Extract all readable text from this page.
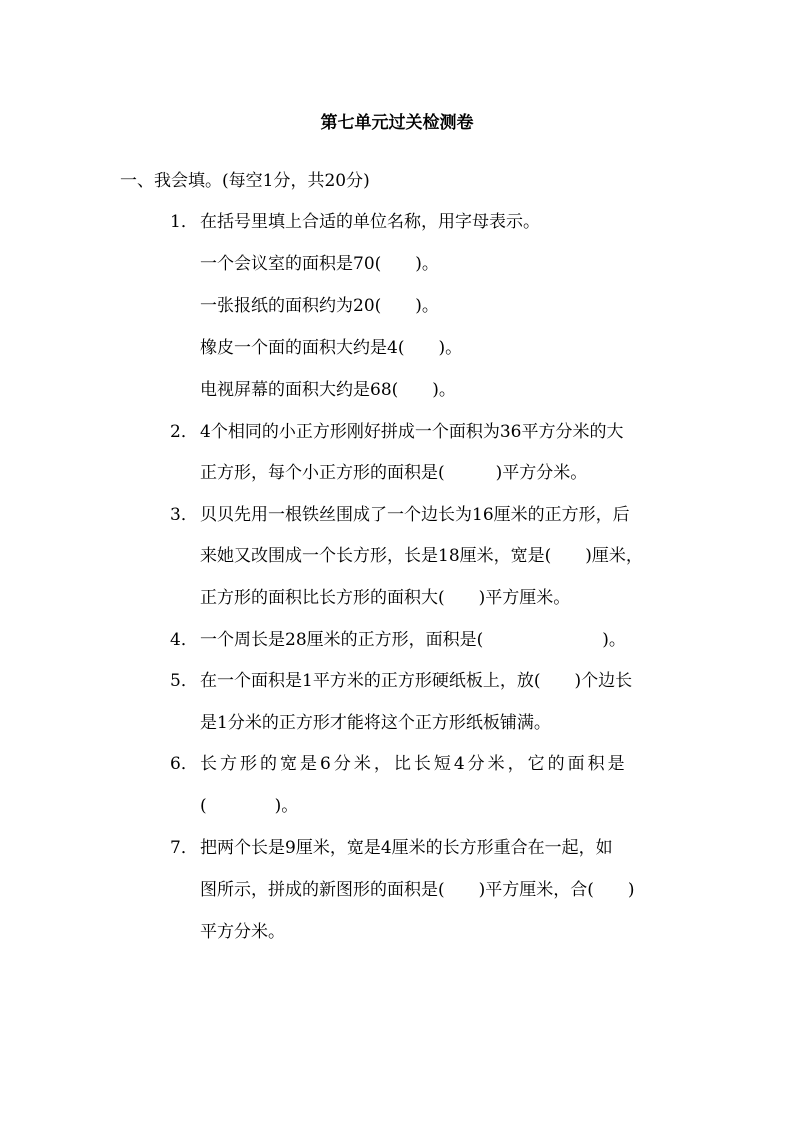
第七单元过关检测卷
一、我会填。(每空1分，共20分)
1． 在括号里填上合适的单位名称，用字母表示。
一个会议室的面积是70(　　)。
一张报纸的面积约为20(　　)。
橡皮一个面的面积大约是4(　　)。
电视屏幕的面积大约是68(　　)。
2． 4个相同的小正方形刚好拼成一个面积为36平方分米的大
正方形，每个小正方形的面积是(　　　)平方分米。
3． 贝贝先用一根铁丝围成了一个边长为16厘米的正方形，后
来她又改围成一个长方形，长是18厘米，宽是(　　)厘米，
正方形的面积比长方形的面积大(　　)平方厘米。
4． 一个周长是28厘米的正方形，面积是(　　　　　　　)。
5． 在一个面积是1平方米的正方形硬纸板上，放(　　)个边长
是1分米的正方形才能将这个正方形纸板铺满。
6． 长方形的宽是6分米，比长短4分米，它的面积是
(　　　　)。
7． 把两个长是9厘米，宽是4厘米的长方形重合在一起，如
图所示，拼成的新图形的面积是(　　)平方厘米，合(　　)
平方分米。
